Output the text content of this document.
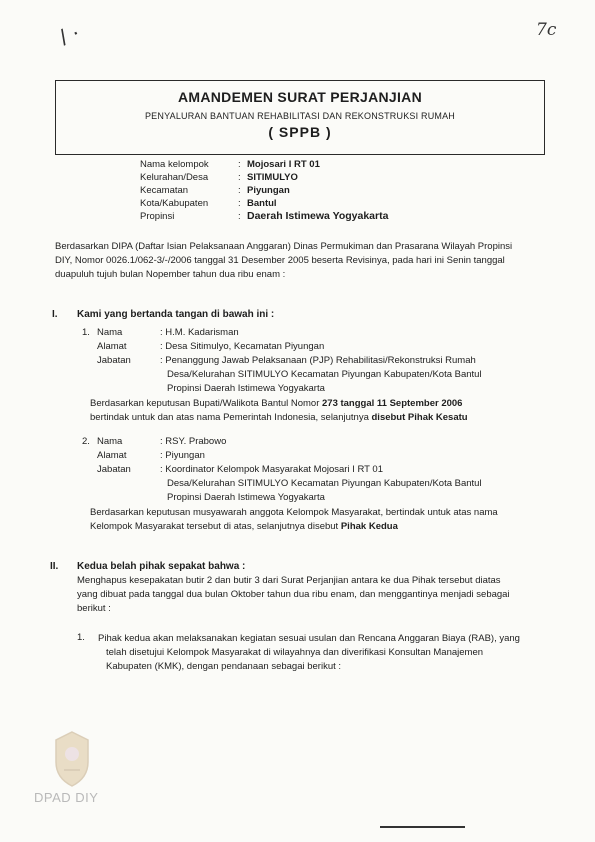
/ ·	7c
AMANDEMEN SURAT PERJANJIAN
PENYALURAN BANTUAN REHABILITASI DAN REKONSTRUKSI RUMAH
( SPPB )
Nama kelompok	: Mojosari I RT 01
Kelurahan/Desa	: SITIMULYO
Kecamatan	: Piyungan
Kota/Kabupaten	: Bantul
Propinsi	: Daerah Istimewa Yogyakarta
Berdasarkan DIPA (Daftar Isian Pelaksanaan Anggaran) Dinas Permukiman dan Prasarana Wilayah Propinsi
DIY, Nomor 0026.1/062-3/-/2006 tanggal 31 Desember 2005 beserta Revisinya, pada hari ini Senin tanggal
duapuluh tujuh bulan Nopember tahun dua ribu enam :
I. Kami yang bertanda tangan di bawah ini :
1. Nama	: H.M. Kadarisman
Alamat	: Desa Sitimulyo, Kecamatan Piyungan
Jabatan	: Penanggung Jawab Pelaksanaan (PJP) Rehabilitasi/Rekonstruksi Rumah
Desa/Kelurahan SITIMULYO Kecamatan Piyungan Kabupaten/Kota Bantul
Propinsi Daerah Istimewa Yogyakarta
Berdasarkan keputusan Bupati/Walikota Bantul Nomor 273 tanggal 11 September 2006
bertindak untuk dan atas nama Pemerintah Indonesia, selanjutnya disebut Pihak Kesatu
2. Nama	: RSY. Prabowo
Alamat	: Piyungan
Jabatan	: Koordinator Kelompok Masyarakat Mojosari I RT 01
Desa/Kelurahan SITIMULYO Kecamatan Piyungan Kabupaten/Kota Bantul
Propinsi Daerah Istimewa Yogyakarta
Berdasarkan keputusan musyawarah anggota Kelompok Masyarakat, bertindak untuk atas nama
Kelompok Masyarakat tersebut di atas, selanjutnya disebut Pihak Kedua
II. Kedua belah pihak sepakat bahwa :
Menghapus kesepakatan butir 2 dan butir 3 dari Surat Perjanjian antara ke dua Pihak tersebut diatas
yang dibuat pada tanggal dua bulan Oktober tahun dua ribu enam, dan menggantinya menjadi sebagai
berikut :
1. Pihak kedua akan melaksanakan kegiatan sesuai usulan dan Rencana Anggaran Biaya (RAB), yang
telah disetujui Kelompok Masyarakat di wilayahnya dan diverifikasi Konsultan Manajemen
Kabupaten (KMK), dengan pendanaan sebagai berikut :
DPAD DIY
